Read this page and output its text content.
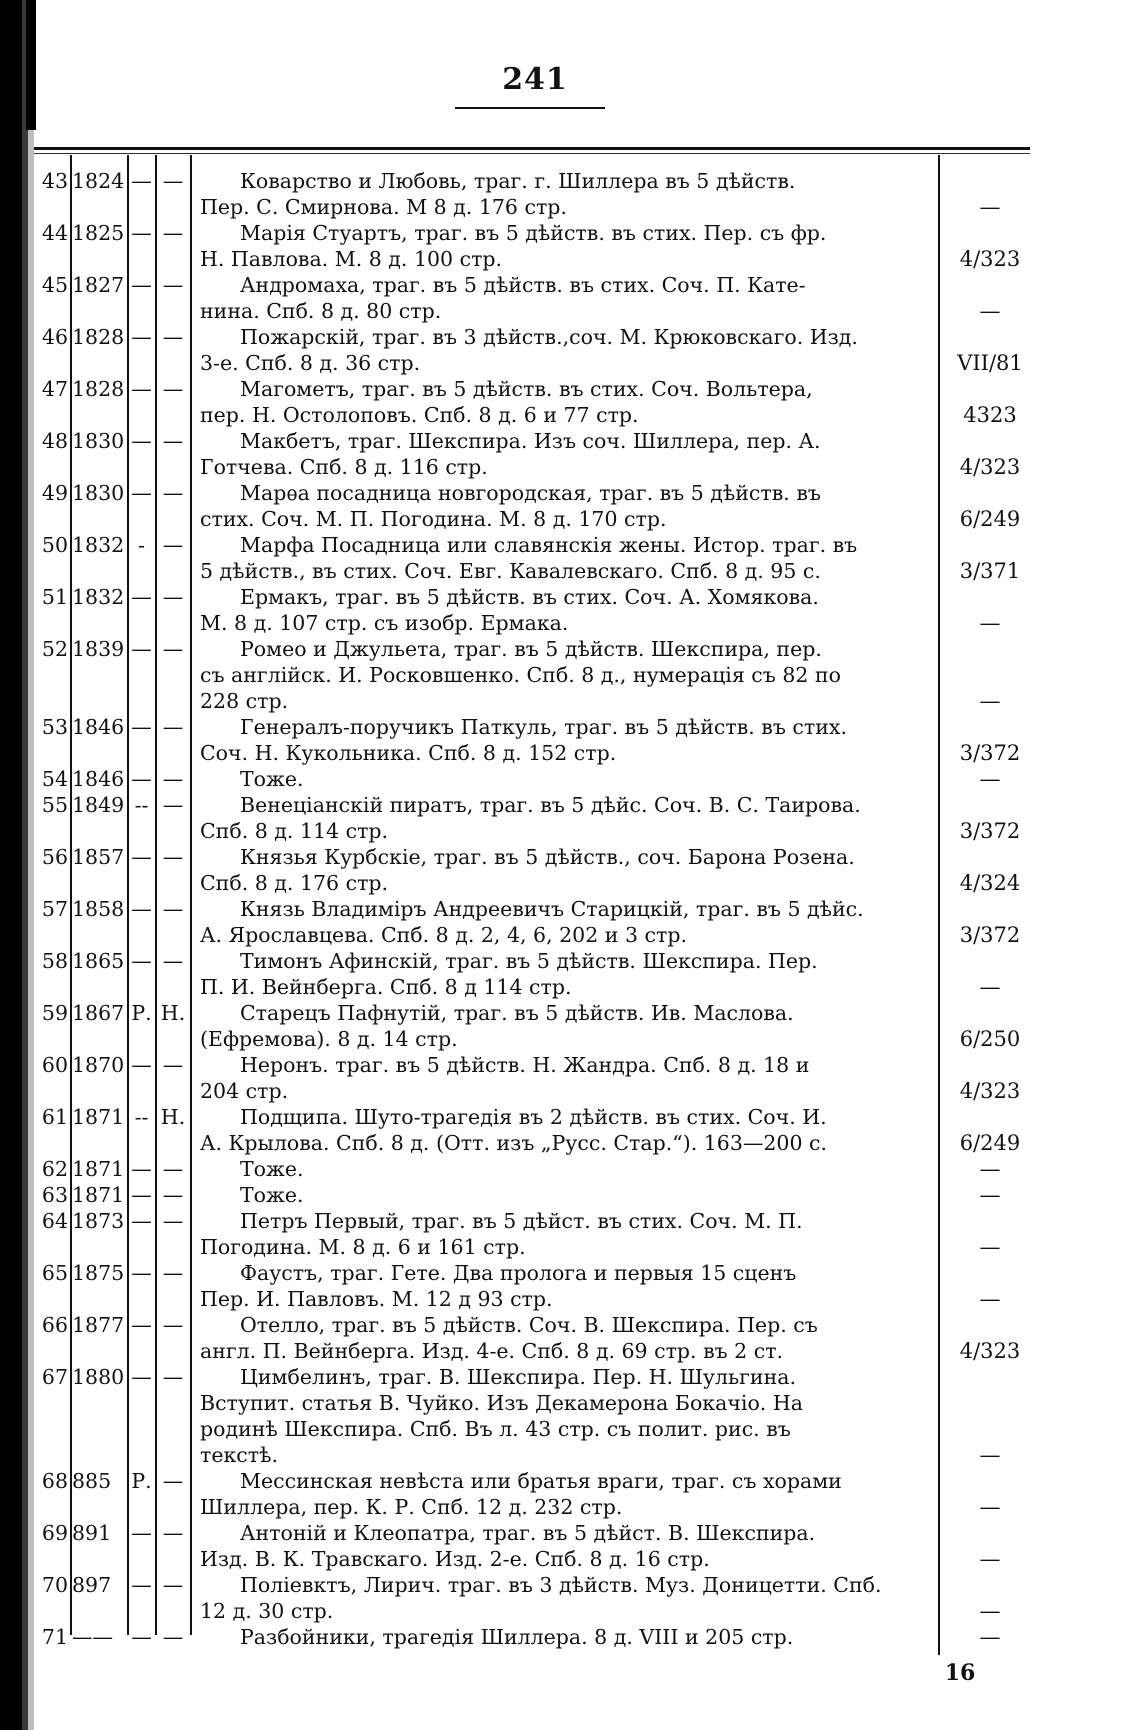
241
43 1824 — —	Коварство и Любовь, траг. г. Шиллера въ 5 дѣйств.
Пер. С. Смирнова. М 8 д. 176 стр.	—
44 1825 — —	Марія Стуартъ, траг. въ 5 дѣйств. въ стих. Пер. съ фр.
Н. Павлова. М. 8 д. 100 стр.	4/323
45 1827 — —	Андромаха, траг. въ 5 дѣйств. въ стих. Соч. П. Кате-
нина. Спб. 8 д. 80 стр.	—
46 1828 — —	Пожарскій, траг. въ 3 дѣйств.,соч. М. Крюковскаго. Изд.
3-е. Спб. 8 д. 36 стр.	VII/81
47 1828 — —	Магометъ, траг. въ 5 дѣйств. въ стих. Соч. Вольтера,
пер. Н. Остолоповъ. Спб. 8 д. 6 и 77 стр.	4323
48 1830 — —	Макбетъ, траг. Шекспира. Изъ соч. Шиллера, пер. А.
Готчева. Спб. 8 д. 116 стр.	4/323
49 1830 — —	Марѳа посадница новгородская, траг. въ 5 дѣйств. въ
стих. Соч. М. П. Погодина. М. 8 д. 170 стр.	6/249
50 1832 - —	Марфа Посадница или славянскія жены. Истор. траг. въ
5 дѣйств., въ стих. Соч. Евг. Кавалевскаго. Спб. 8 д. 95 с.	3/371
51 1832 — —	Ермакъ, траг. въ 5 дѣйств. въ стих. Соч. А. Хомякова.
М. 8 д. 107 стр. съ изобр. Ермака.	—
52 1839 — —	Ромео и Джульета, траг. въ 5 дѣйств. Шекспира, пер.
съ англійск. И. Росковшенко. Спб. 8 д., нумерація съ 82 по
228 стр.	—
53 1846 — —	Генералъ-поручикъ Паткуль, траг. въ 5 дѣйств. въ стих.
Соч. Н. Кукольника. Спб. 8 д. 152 стр.	3/372
54 1846 — —	Тоже.	—
55 1849 -- —	Венеціанскій пиратъ, траг. въ 5 дѣйс. Соч. В. С. Таирова.
Спб. 8 д. 114 стр.	3/372
56 1857 — —	Князья Курбскіе, траг. въ 5 дѣйств., соч. Барона Розена.
Спб. 8 д. 176 стр.	4/324
57 1858 — —	Князь Владиміръ Андреевичъ Старицкій, траг. въ 5 дѣйс.
А. Ярославцева. Спб. 8 д. 2, 4, 6, 202 и 3 стр.	3/372
58 1865 — —	Тимонъ Афинскій, траг. въ 5 дѣйств. Шекспира. Пер.
П. И. Вейнберга. Спб. 8 д 114 стр.	—
59 1867 Р. Н.	Старецъ Пафнутій, траг. въ 5 дѣйств. Ив. Маслова.
(Ефремова). 8 д. 14 стр.	6/250
60 1870 — —	Неронъ. траг. въ 5 дѣйств. Н. Жандра. Спб. 8 д. 18 и
204 стр.	4/323
61 1871 -- Н.	Подщипа. Шуто-трагедія въ 2 дѣйств. въ стих. Соч. И.
А. Крылова. Спб. 8 д. (Отт. изъ „Русс. Стар.“). 163—200 с.	6/249
62 1871 — —	Тоже.	—
63 1871 — —	Тоже.	—
64 1873 — —	Петръ Первый, траг. въ 5 дѣйст. въ стих. Соч. М. П.
Погодина. М. 8 д. 6 и 161 стр.	—
65 1875 — —	Фаустъ, траг. Гете. Два пролога и первыя 15 сценъ
Пер. И. Павловъ. М. 12 д 93 стр.	—
66 1877 — —	Отелло, траг. въ 5 дѣйств. Соч. В. Шекспира. Пер. съ
англ. П. Вейнберга. Изд. 4-е. Спб. 8 д. 69 стр. въ 2 ст.	4/323
67 1880 — —	Цимбелинъ, траг. В. Шекспира. Пер. Н. Шульгина.
Вступит. статья В. Чуйко. Изъ Декамерона Бокачіо. На
родинѣ Шекспира. Спб. Въ л. 43 стр. съ полит. рис. въ
текстѣ.	—
68 885 Р. —	Мессинская невѣста или братья враги, траг. съ хорами
Шиллера, пер. К. Р. Спб. 12 д. 232 стр.	—
69 891 — —	Антоній и Клеопатра, траг. въ 5 дѣйст. В. Шекспира.
Изд. В. К. Травскаго. Изд. 2-е. Спб. 8 д. 16 стр.	—
70 897 — —	Поліевктъ, Лирич. траг. въ 3 дѣйств. Муз. Доницетти. Спб.
12 д. 30 стр.	—
71 —— — —	Разбойники, трагедія Шиллера. 8 д. VIII и 205 стр.	—
16
